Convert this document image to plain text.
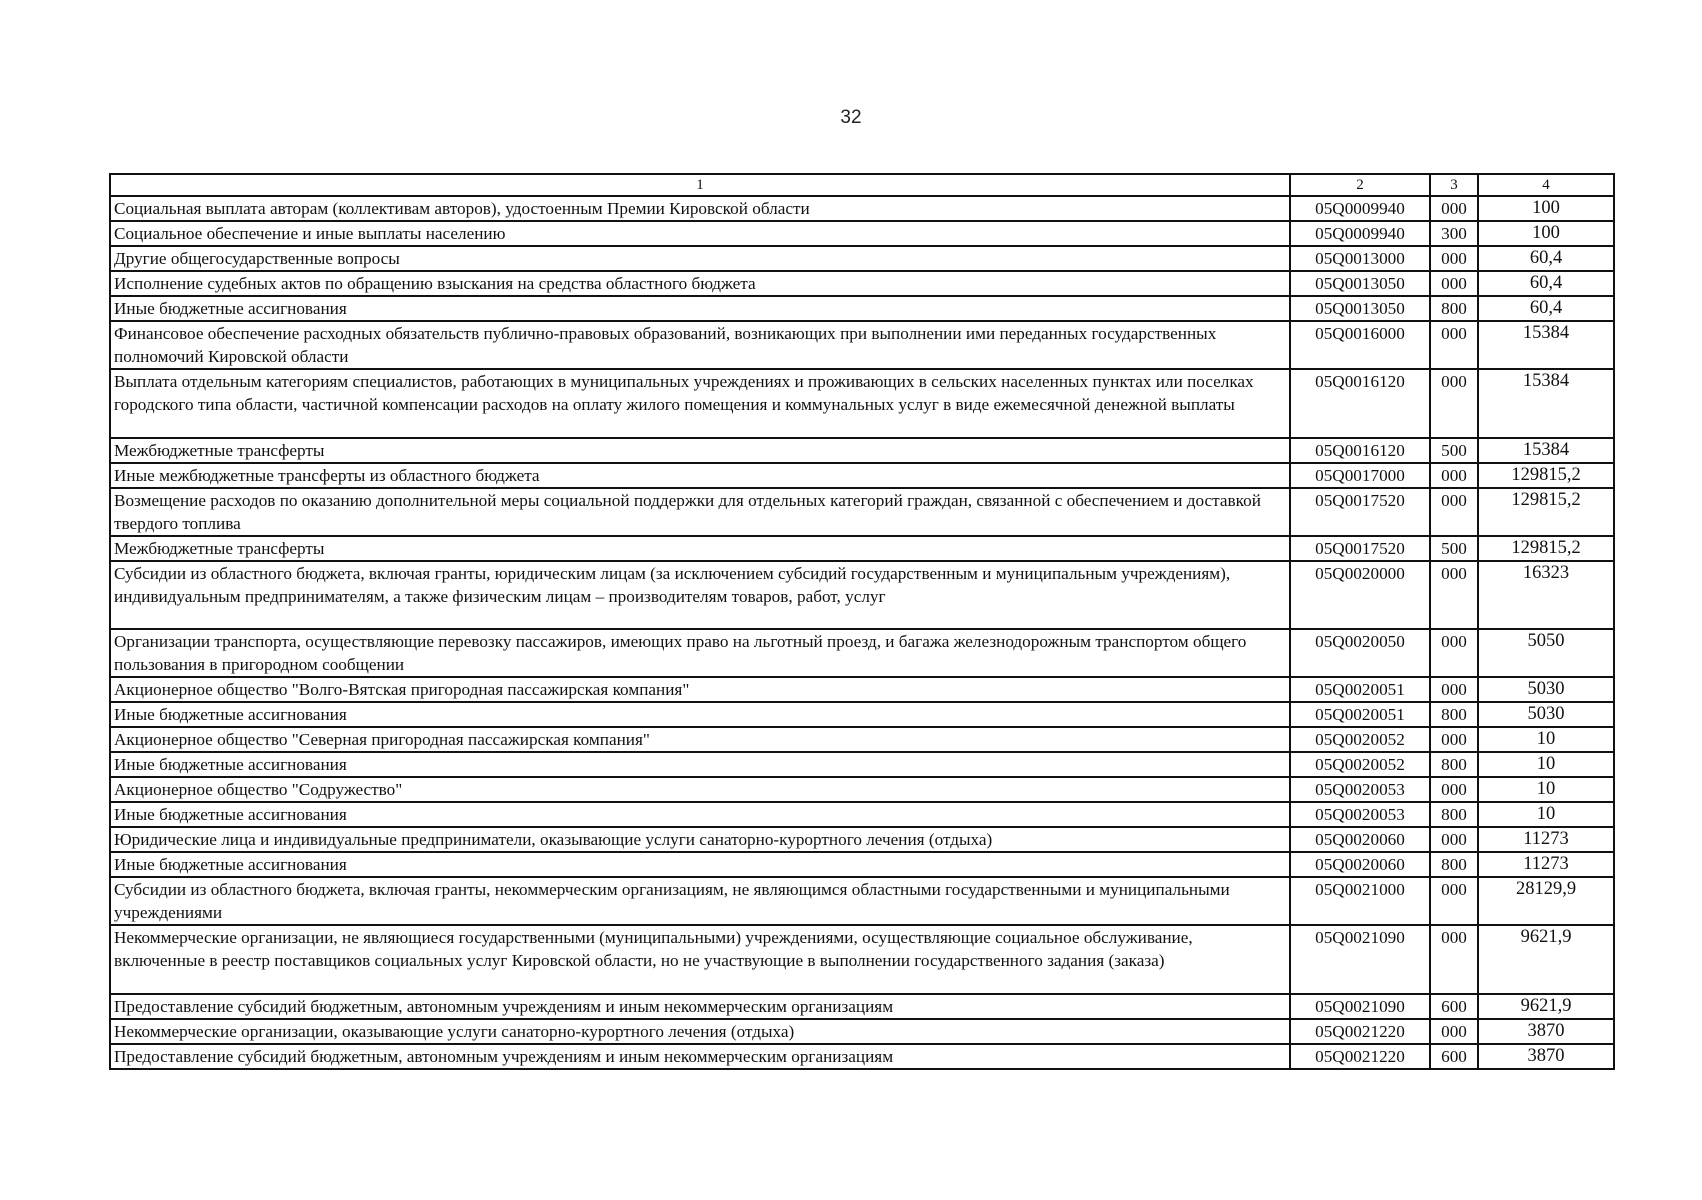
32
1	2	3	4
Социальная выплата авторам (коллективам авторов), удостоенным Премии Кировской области	05Q0009940	000	100
Социальное обеспечение и иные выплаты населению	05Q0009940	300	100
Другие общегосударственные вопросы	05Q0013000	000	60,4
Исполнение судебных актов по обращению взыскания на средства областного бюджета	05Q0013050	000	60,4
Иные бюджетные ассигнования	05Q0013050	800	60,4
Финансовое обеспечение расходных обязательств публично-правовых образований, возникающих при выполнении ими переданных государственных полномочий Кировской области	05Q0016000	000	15384
Выплата отдельным категориям специалистов, работающих в муниципальных учреждениях и проживающих в сельских населенных пунктах или поселках городского типа области, частичной компенсации расходов на оплату жилого помещения и коммунальных услуг в виде ежемесячной денежной выплаты	05Q0016120	000	15384
Межбюджетные трансферты	05Q0016120	500	15384
Иные межбюджетные трансферты из областного бюджета	05Q0017000	000	129815,2
Возмещение расходов по оказанию дополнительной меры социальной поддержки для отдельных категорий граждан, связанной с обеспечением и доставкой твердого топлива	05Q0017520	000	129815,2
Межбюджетные трансферты	05Q0017520	500	129815,2
Субсидии из областного бюджета, включая гранты, юридическим лицам (за исключением субсидий государственным и муниципальным учреждениям), индивидуальным предпринимателям, а также физическим лицам – производителям товаров, работ, услуг	05Q0020000	000	16323
Организации транспорта, осуществляющие перевозку пассажиров, имеющих право на льготный проезд, и багажа железнодорожным транспортом общего пользования в пригородном сообщении	05Q0020050	000	5050
Акционерное общество "Волго-Вятская пригородная пассажирская компания"	05Q0020051	000	5030
Иные бюджетные ассигнования	05Q0020051	800	5030
Акционерное общество "Северная пригородная пассажирская компания"	05Q0020052	000	10
Иные бюджетные ассигнования	05Q0020052	800	10
Акционерное общество "Содружество"	05Q0020053	000	10
Иные бюджетные ассигнования	05Q0020053	800	10
Юридические лица и индивидуальные предприниматели, оказывающие услуги санаторно-курортного лечения (отдыха)	05Q0020060	000	11273
Иные бюджетные ассигнования	05Q0020060	800	11273
Субсидии из областного бюджета, включая гранты, некоммерческим организациям, не являющимся областными государственными и муниципальными учреждениями	05Q0021000	000	28129,9
Некоммерческие организации, не являющиеся государственными (муниципальными) учреждениями, осуществляющие социальное обслуживание, включенные в реестр поставщиков социальных услуг Кировской области, но не участвующие в выполнении государственного задания (заказа)	05Q0021090	000	9621,9
Предоставление субсидий бюджетным, автономным учреждениям и иным некоммерческим организациям	05Q0021090	600	9621,9
Некоммерческие организации, оказывающие услуги санаторно-курортного лечения (отдыха)	05Q0021220	000	3870
Предоставление субсидий бюджетным, автономным учреждениям и иным некоммерческим организациям	05Q0021220	600	3870
